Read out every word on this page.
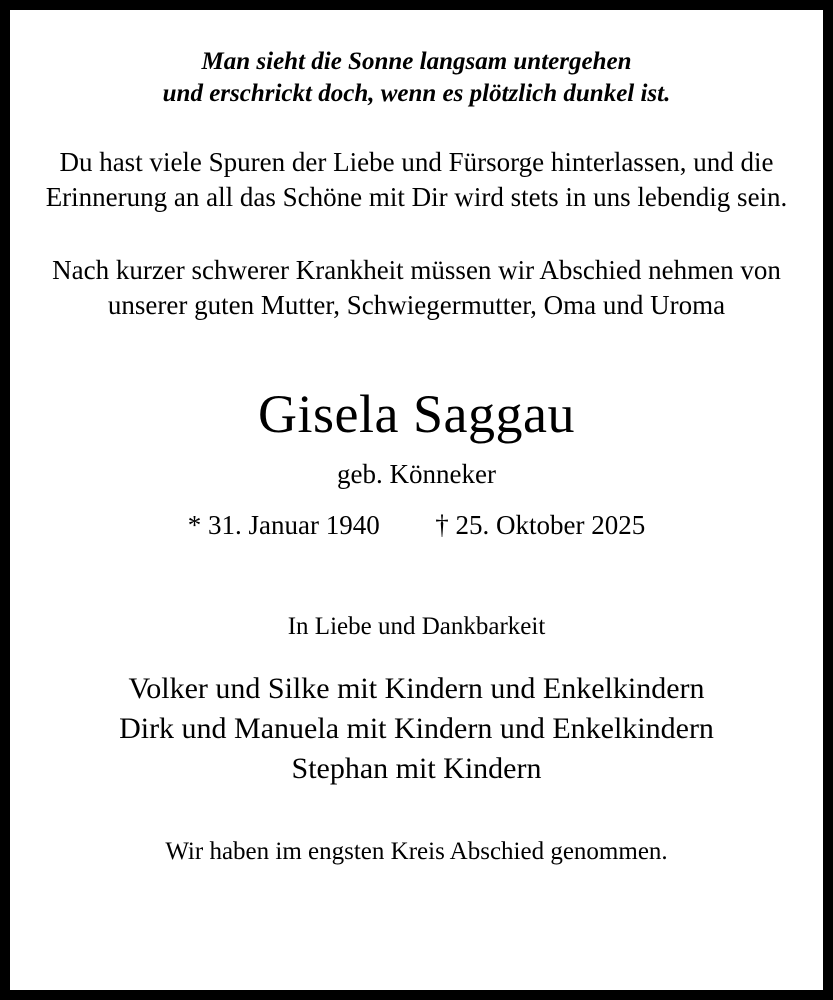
Man sieht die Sonne langsam untergehen
und erschrickt doch, wenn es plötzlich dunkel ist.
Du hast viele Spuren der Liebe und Fürsorge hinterlassen, und die Erinnerung an all das Schöne mit Dir wird stets in uns lebendig sein.
Nach kurzer schwerer Krankheit müssen wir Abschied nehmen von unserer guten Mutter, Schwiegermutter, Oma und Uroma
Gisela Saggau
geb. Könneker
* 31. Januar 1940 † 25. Oktober 2025
In Liebe und Dankbarkeit
Volker und Silke mit Kindern und Enkelkindern
Dirk und Manuela mit Kindern und Enkelkindern
Stephan mit Kindern
Wir haben im engsten Kreis Abschied genommen.
